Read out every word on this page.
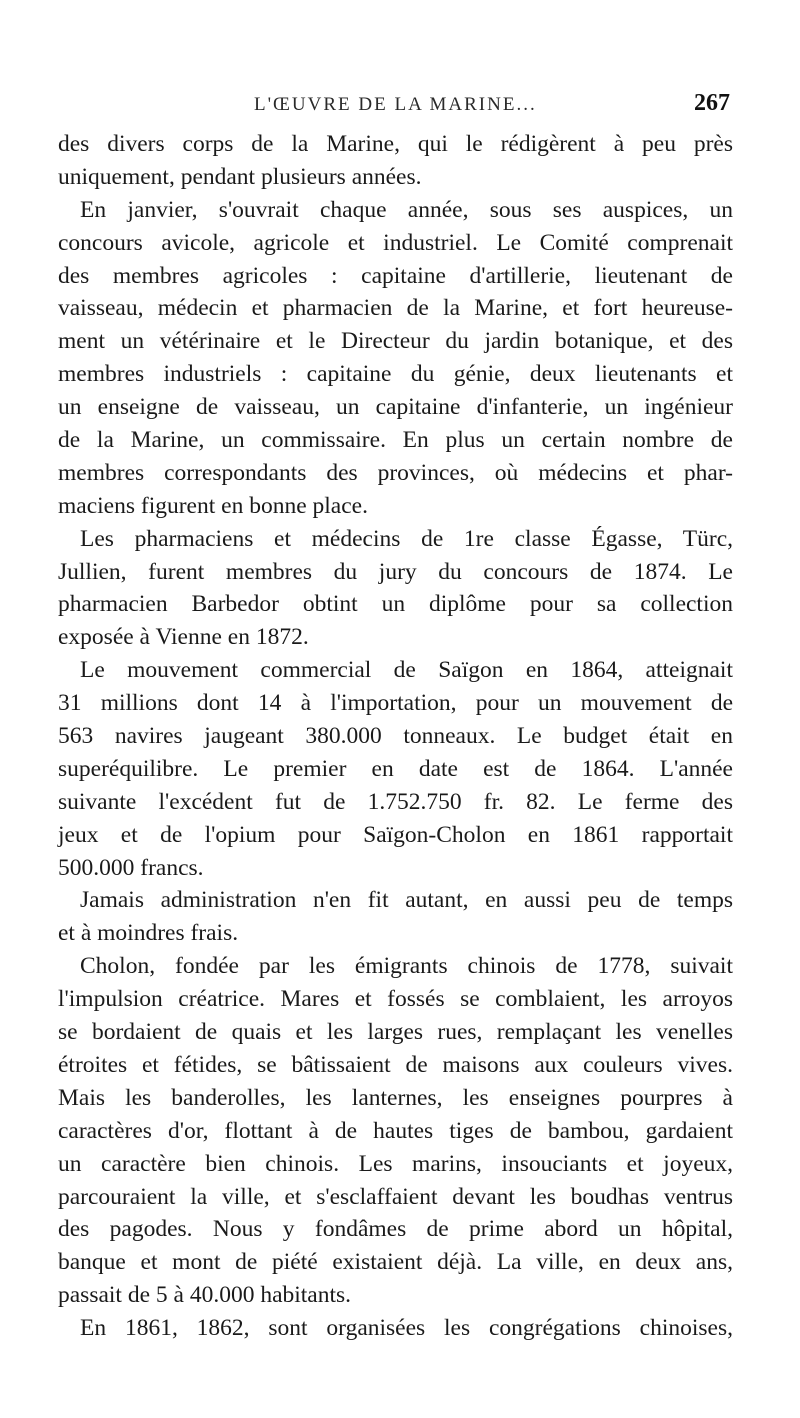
L'ŒUVRE DE LA MARINE...	267
des divers corps de la Marine, qui le rédigèrent à peu près
uniquement, pendant plusieurs années.
En janvier, s'ouvrait chaque année, sous ses auspices, un
concours avicole, agricole et industriel. Le Comité comprenait
des membres agricoles : capitaine d'artillerie, lieutenant de
vaisseau, médecin et pharmacien de la Marine, et fort heureuse-
ment un vétérinaire et le Directeur du jardin botanique, et des
membres industriels : capitaine du génie, deux lieutenants et
un enseigne de vaisseau, un capitaine d'infanterie, un ingénieur
de la Marine, un commissaire. En plus un certain nombre de
membres correspondants des provinces, où médecins et phar-
maciens figurent en bonne place.
Les pharmaciens et médecins de 1re classe Égasse, Türc,
Jullien, furent membres du jury du concours de 1874. Le
pharmacien Barbedor obtint un diplôme pour sa collection
exposée à Vienne en 1872.
Le mouvement commercial de Saïgon en 1864, atteignait
31 millions dont 14 à l'importation, pour un mouvement de
563 navires jaugeant 380.000 tonneaux. Le budget était en
superéquilibre. Le premier en date est de 1864. L'année
suivante l'excédent fut de 1.752.750 fr. 82. Le ferme des
jeux et de l'opium pour Saïgon-Cholon en 1861 rapportait
500.000 francs.
Jamais administration n'en fit autant, en aussi peu de temps
et à moindres frais.
Cholon, fondée par les émigrants chinois de 1778, suivait
l'impulsion créatrice. Mares et fossés se comblaient, les arroyos
se bordaient de quais et les larges rues, remplaçant les venelles
étroites et fétides, se bâtissaient de maisons aux couleurs vives.
Mais les banderolles, les lanternes, les enseignes pourpres à
caractères d'or, flottant à de hautes tiges de bambou, gardaient
un caractère bien chinois. Les marins, insouciants et joyeux,
parcouraient la ville, et s'esclaffaient devant les boudhas ventrus
des pagodes. Nous y fondâmes de prime abord un hôpital,
banque et mont de piété existaient déjà. La ville, en deux ans,
passait de 5 à 40.000 habitants.
En 1861, 1862, sont organisées les congrégations chinoises,
